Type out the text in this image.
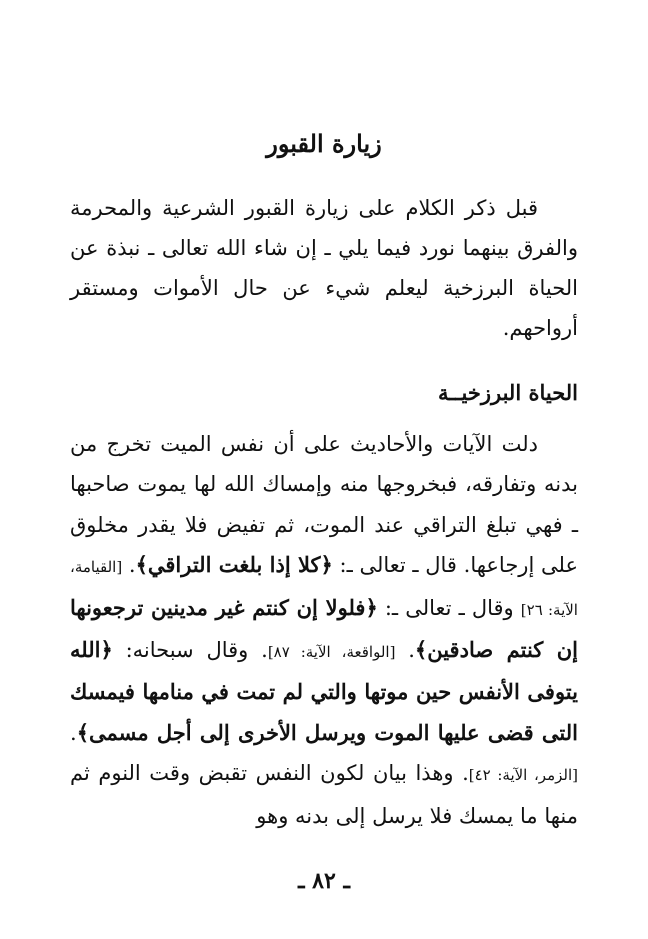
زيارة القبور

قبل ذكر الكلام على زيارة القبور الشرعية والمحرمة والفرق بينهما نورد فيما يلي ـ إن شاء الله تعالى ـ نبذة عن الحياة البرزخية ليعلم شيء عن حال الأموات ومستقر أرواحهم.

الحياة البرزخيــة

دلت الآيات والأحاديث على أن نفس الميت تخرج من بدنه وتفارقه، فبخروجها منه وإمساك الله لها يموت صاحبها ـ فهي تبلغ التراقي عند الموت، ثم تفيض فلا يقدر مخلوق على إرجاعها. قال ـ تعالى ـ: ﴿كلا إذا بلغت التراقي﴾. [القيامة، الآية: ٢٦] وقال ـ تعالى ـ: ﴿فلولا إن كنتم غير مدينين ترجعونها إن كنتم صادقين﴾. [الواقعة، الآية: ٨٧]. وقال سبحانه: ﴿الله يتوفى الأنفس حين موتها والتي لم تمت في منامها فيمسك التى قضى عليها الموت ويرسل الأخرى إلى أجل مسمى﴾. [الزمر، الآية: ٤٢]. وهذا بيان لكون النفس تقبض وقت النوم ثم منها ما يمسك فلا يرسل إلى بدنه وهو

ـ ٨٢ ـ
